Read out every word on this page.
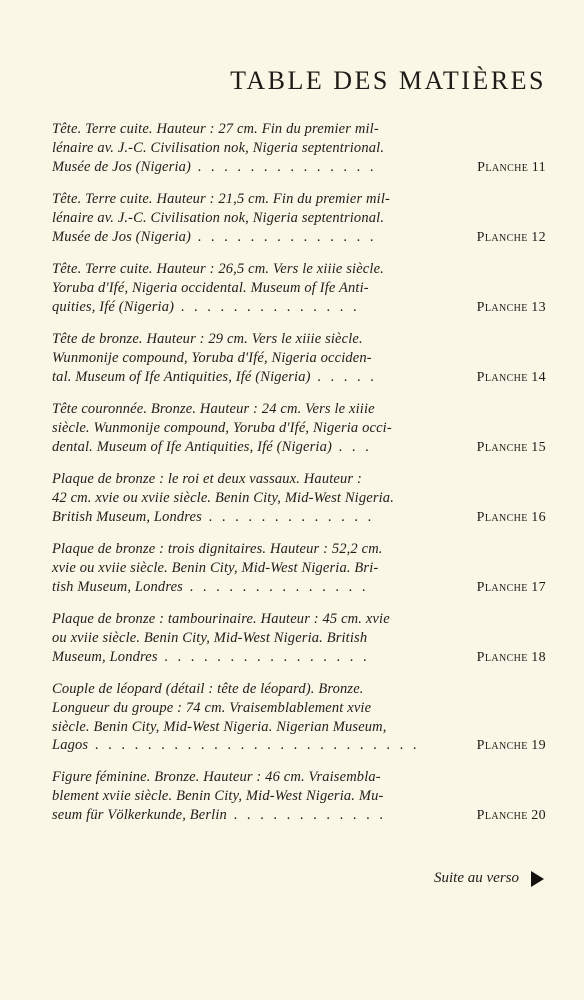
TABLE DES MATIÈRES
Tête. Terre cuite. Hauteur : 27 cm. Fin du premier mil-
lénaire av. J.-C. Civilisation nok, Nigeria septentrional.
Musée de Jos (Nigeria) . . . . . . . . . . . . . .	Planche 11
Tête. Terre cuite. Hauteur : 21,5 cm. Fin du premier mil-
lénaire av. J.-C. Civilisation nok, Nigeria septentrional.
Musée de Jos (Nigeria) . . . . . . . . . . . . . .	Planche 12
Tête. Terre cuite. Hauteur : 26,5 cm. Vers le xiiie siècle.
Yoruba d'Ifé, Nigeria occidental. Museum of Ife Anti-
quities, Ifé (Nigeria) . . . . . . . . . . . . . .	Planche 13
Tête de bronze. Hauteur : 29 cm. Vers le xiiie siècle.
Wunmonije compound, Yoruba d'Ifé, Nigeria occiden-
tal. Museum of Ife Antiquities, Ifé (Nigeria) . . . . .	Planche 14
Tête couronnée. Bronze. Hauteur : 24 cm. Vers le xiiie
siècle. Wunmonije compound, Yoruba d'Ifé, Nigeria occi-
dental. Museum of Ife Antiquities, Ifé (Nigeria) . . .	Planche 15
Plaque de bronze : le roi et deux vassaux. Hauteur :
42 cm. xvie ou xviie siècle. Benin City, Mid-West Nigeria.
British Museum, Londres . . . . . . . . . . . . .	Planche 16
Plaque de bronze : trois dignitaires. Hauteur : 52,2 cm.
xvie ou xviie siècle. Benin City, Mid-West Nigeria. Bri-
tish Museum, Londres . . . . . . . . . . . . . .	Planche 17
Plaque de bronze : tambourinaire. Hauteur : 45 cm. xvie
ou xviie siècle. Benin City, Mid-West Nigeria. British
Museum, Londres . . . . . . . . . . . . . . . .	Planche 18
Couple de léopard (détail : tête de léopard). Bronze.
Longueur du groupe : 74 cm. Vraisemblablement xvie
siècle. Benin City, Mid-West Nigeria. Nigerian Museum,
Lagos . . . . . . . . . . . . . . . . . . . . . . . . .	Planche 19
Figure féminine. Bronze. Hauteur : 46 cm. Vraisembla-
blement xviie siècle. Benin City, Mid-West Nigeria. Mu-
seum für Völkerkunde, Berlin . . . . . . . . . . . .	Planche 20
Suite au verso
